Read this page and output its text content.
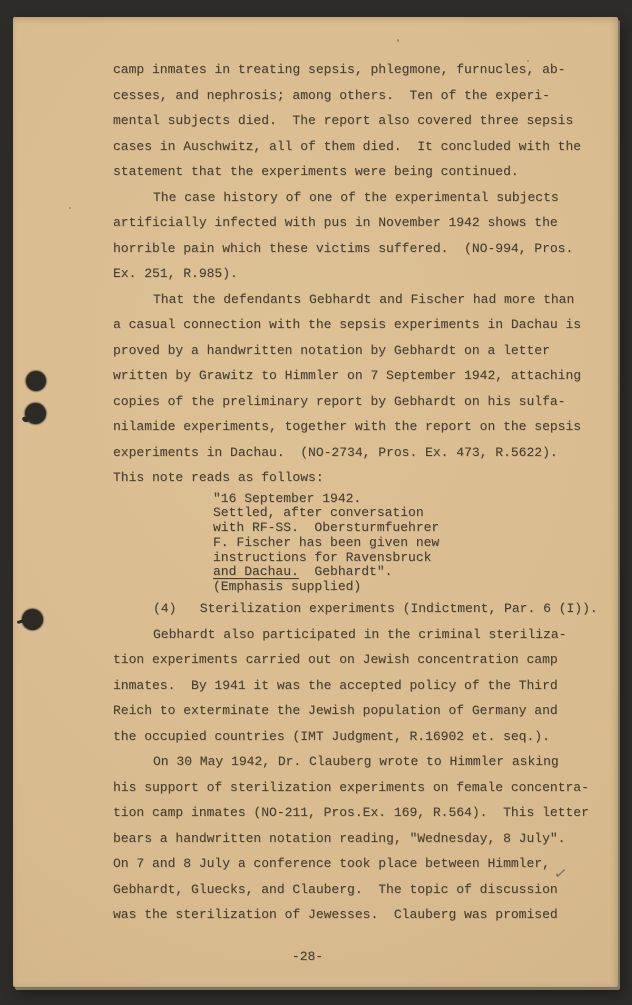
camp inmates in treating sepsis, phlegmone, furnucles, ab-
cesses, and nephrosis; among others.  Ten of the experi-
mental subjects died.  The report also covered three sepsis
cases in Auschwitz, all of them died.  It concluded with the
statement that the experiments were being continued.
The case history of one of the experimental subjects
artificially infected with pus in November 1942 shows the
horrible pain which these victims suffered.  (NO-994, Pros.
Ex. 251, R.985).
That the defendants Gebhardt and Fischer had more than
a casual connection with the sepsis experiments in Dachau is
proved by a handwritten notation by Gebhardt on a letter
written by Grawitz to Himmler on 7 September 1942, attaching
copies of the preliminary report by Gebhardt on his sulfa-
nilamide experiments, together with the report on the sepsis
experiments in Dachau.  (NO-2734, Pros. Ex. 473, R.5622).
This note reads as follows:
"16 September 1942.
Settled, after conversation
with RF-SS.  Obersturmfuehrer
F. Fischer has been given new
instructions for Ravensbruck
and Dachau.  Gebhardt".
(Emphasis supplied)
(4)   Sterilization experiments (Indictment, Par. 6 (I)).
Gebhardt also participated in the criminal steriliza-
tion experiments carried out on Jewish concentration camp
inmates.  By 1941 it was the accepted policy of the Third
Reich to exterminate the Jewish population of Germany and
the occupied countries (IMT Judgment, R.16902 et. seq.).
On 30 May 1942, Dr. Clauberg wrote to Himmler asking
his support of sterilization experiments on female concentra-
tion camp inmates (NO-211, Pros.Ex. 169, R.564).  This letter
bears a handwritten notation reading, "Wednesday, 8 July".
On 7 and 8 July a conference took place between Himmler,
Gebhardt, Gluecks, and Clauberg.  The topic of discussion
was the sterilization of Jewesses.  Clauberg was promised
-28-
✓
